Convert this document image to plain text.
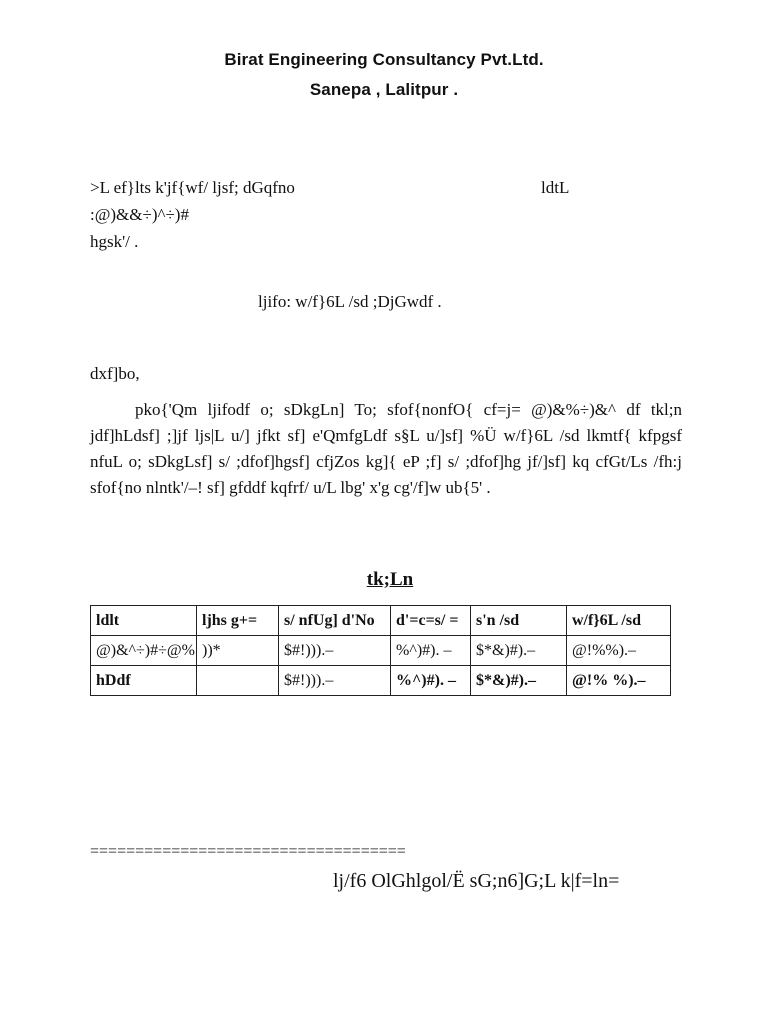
Birat Engineering Consultancy Pvt.Ltd.
Sanepa , Lalitpur .
>L ef}lts k'jf{wf/ ljsf; dGqfno	ldtL
:@)&&÷)^÷)#
hgsk'/ .
ljifo: w/f}6L /sd ;DjGwdf .
dxf]bo,

pko{'Qm ljifodf o; sDkgLn] To; sfof{nonfO{ cf=j= @)&%÷)&^ df tkl;n jdf]hLdsf] ;]jf ljs|L u/] jfkt sf] e'QmfgLdf s§L u/]sf] %Ü w/f}6L /sd lkmtf{ kfpgsf nfuL o; sDkgLsf] s/ ;dfof]hgsf] cfjZos kg]{ eP ;f] s/ ;dfof]hg jf/]sf] kq cfGt/Ls /fh:j sfof{no nlntk'/–! sf] gfddf kqfrf/ u/L lbg' x'g cg'/f]w ub{5' .

tk;Ln
ldlt	ljhs g+=	s/ nfUg] d'No	d'=c=s/ =	s'n /sd	w/f}6L /sd
@)&^÷)#÷@%	))*	$#!))).–	%^)#). –	$*&)#).–	@!%%).–
hDdf		$#!))).–	%^)#). –	$*&)#).–	@!% %).–
===================================
lj/f6 OlGhlgol/Ë sG;n6]G;L k|f=ln=
